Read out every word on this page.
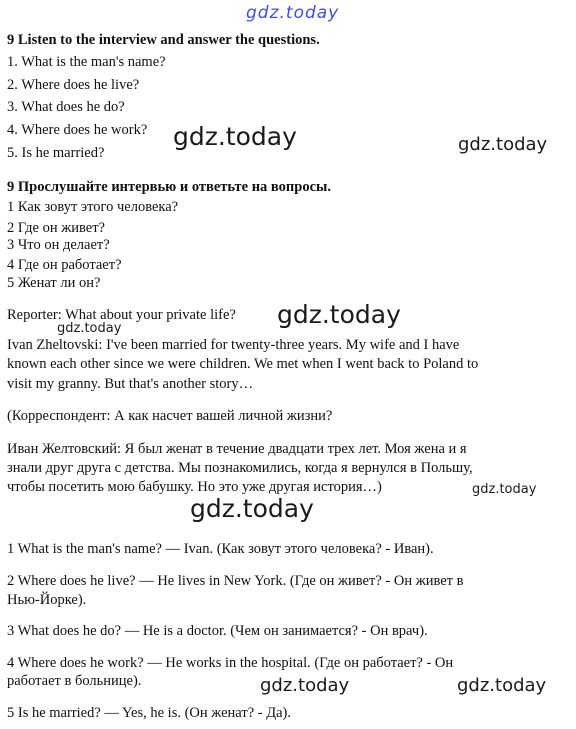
gdz.today
9 Listen to the interview and answer the questions.
1. What is the man's name?
2. Where does he live?
3. What does he do?
4. Where does he work?
5. Is he married?
gdz.today	gdz.today
9 Прослушайте интервью и ответьте на вопросы.
1 Как зовут этого человека?
2 Где он живет?
3 Что он делает?
4 Где он работает?
5 Женат ли он?
Reporter: What about your private life? gdz.today
gdz.today
Ivan Zheltovski: I've been married for twenty-three years. My wife and I have
known each other since we were children. We met when I went back to Poland to
visit my granny. But that's another story…
(Корреспондент: А как насчет вашей личной жизни?
Иван Желтовский: Я был женат в течение двадцати трех лет. Моя жена и я
знали друг друга с детства. Мы познакомились, когда я вернулся в Польшу,
чтобы посетить мою бабушку. Но это уже другая история…)	gdz.today
gdz.today
1 What is the man's name? — Ivan. (Как зовут этого человека? - Иван).
2 Where does he live? — He lives in New York. (Где он живет? - Он живет в
Нью-Йорке).
3 What does he do? — He is a doctor. (Чем он занимается? - Он врач).
4 Where does he work? — He works in the hospital. (Где он работает? - Он
работает в больнице).	gdz.today	gdz.today
5 Is he married? — Yes, he is. (Он женат? - Да).
